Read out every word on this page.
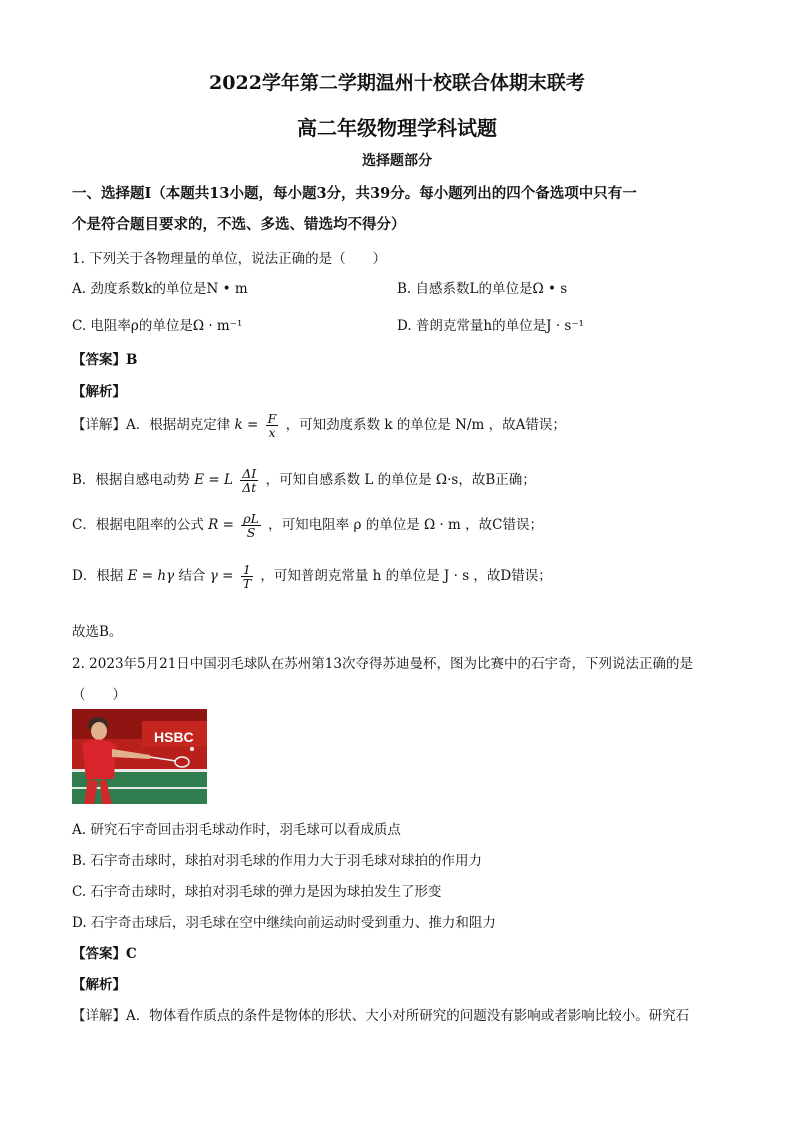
2022学年第二学期温州十校联合体期末联考
高二年级物理学科试题
选择题部分
一、选择题Ⅰ（本题共13小题，每小题3分，共39分。每小题列出的四个备选项中只有一
个是符合题目要求的，不选、多选、错选均不得分）
1. 下列关于各物理量的单位，说法正确的是（　　）
A. 劲度系数k的单位是N • m	B. 自感系数L的单位是Ω • s
C. 电阻率ρ的单位是Ω · m⁻¹	D. 普朗克常量h的单位是J · s⁻¹
【答案】B
【解析】
【详解】A．根据胡克定律 $k = \frac{F}{x}$ ，可知劲度系数 k 的单位是 N/m ，故A错误；
B．根据自感电动势 E = L $\frac{\Delta I}{\Delta t}$ ，可知自感系数 L 的单位是 Ω·s，故B正确；
C．根据电阻率的公式 $R = \frac{\rho L}{S}$ ，可知电阻率 ρ 的单位是 Ω · m ，故C错误；
D．根据 E = hγ 结合 $\gamma = \frac{1}{T}$ ，可知普朗克常量 h 的单位是 J · s ，故D错误；
故选B。
2. 2023年5月21日中国羽毛球队在苏州第13次夺得苏迪曼杯，图为比赛中的石宇奇，下列说法正确的是
（　　）
HSBC
A. 研究石宇奇回击羽毛球动作时，羽毛球可以看成质点
B. 石宇奇击球时，球拍对羽毛球的作用力大于羽毛球对球拍的作用力
C. 石宇奇击球时，球拍对羽毛球的弹力是因为球拍发生了形变
D. 石宇奇击球后，羽毛球在空中继续向前运动时受到重力、推力和阻力
【答案】C
【解析】
【详解】A．物体看作质点的条件是物体的形状、大小对所研究的问题没有影响或者影响比较小。研究石
